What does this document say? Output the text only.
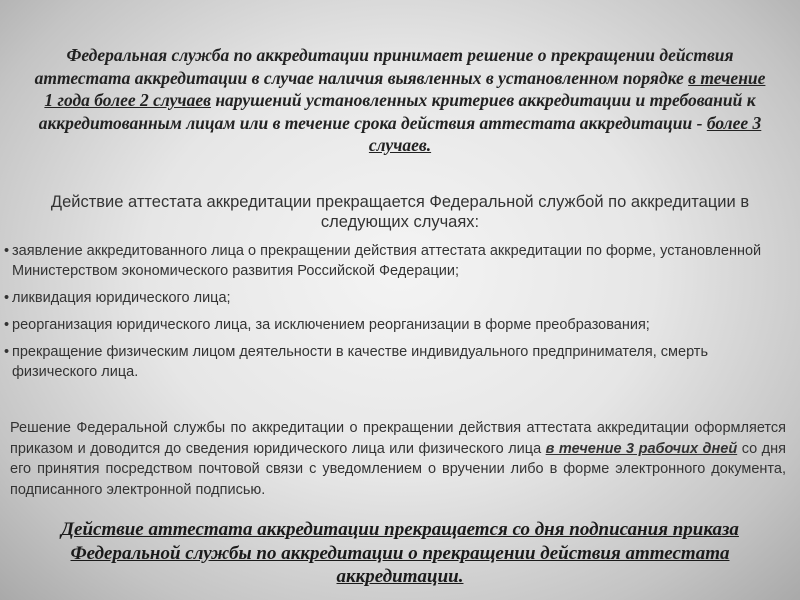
Федеральная служба по аккредитации принимает решение о прекращении действия аттестата аккредитации в случае наличия выявленных в установленном порядке в течение 1 года более 2 случаев нарушений установленных критериев аккредитации и требований к аккредитованным лицам или в течение срока действия аттестата аккредитации - более 3 случаев.
Действие аттестата аккредитации прекращается Федеральной службой по аккредитации в следующих случаях:
• заявление аккредитованного лица о прекращении действия аттестата аккредитации по форме, установленной Министерством экономического развития Российской Федерации;
• ликвидация юридического лица;
• реорганизация юридического лица, за исключением реорганизации в форме преобразования;
• прекращение физическим лицом деятельности в качестве индивидуального предпринимателя, смерть физического лица.
Решение Федеральной службы по аккредитации о прекращении действия аттестата аккредитации оформляется приказом и доводится до сведения юридического лица или физического лица в течение 3 рабочих дней со дня его принятия посредством почтовой связи с уведомлением о вручении либо в форме электронного документа, подписанного электронной подписью.
Действие аттестата аккредитации прекращается со дня подписания приказа Федеральной службы по аккредитации о прекращении действия аттестата аккредитации.
